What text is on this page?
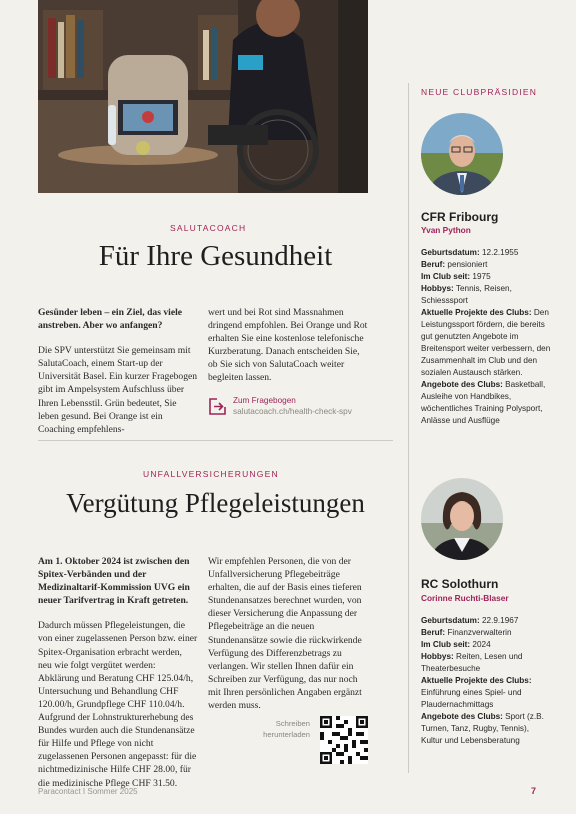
SALUTACOACH
Für Ihre Gesundheit

Gesünder leben – ein Ziel, das viele anstreben. Aber wo anfangen?

Die SPV unterstützt Sie gemeinsam mit SalutaCoach, einem Start-up der Universität Basel. Ein kurzer Fragebogen gibt im Ampelsystem Aufschluss über Ihren Lebensstil. Grün bedeutet, Sie leben gesund. Bei Orange ist ein Coaching empfehlens-

wert und bei Rot sind Massnahmen dringend empfohlen. Bei Orange und Rot erhalten Sie eine kostenlose telefonische Kurzberatung. Danach entscheiden Sie, ob Sie sich von SalutaCoach weiter begleiten lassen.

Zum Fragebogen
salutacoach.ch/health-check-spv
UNFALLVERSICHERUNGEN
Vergütung Pflegeleistungen

Am 1. Oktober 2024 ist zwischen den Spitex-Verbänden und der Medizinaltarif-Kommission UVG ein neuer Tarifvertrag in Kraft getreten.

Dadurch müssen Pflegeleistungen, die von einer zugelassenen Person bzw. einer Spitex-Organisation erbracht werden, neu wie folgt vergütet werden: Abklärung und Beratung CHF 125.04/h, Untersuchung und Behandlung CHF 120.00/h, Grundpflege CHF 110.04/h. Aufgrund der Lohnstrukturerhebung des Bundes wurden auch die Stundenansätze für Hilfe und Pflege von nicht zugelassenen Personen angepasst: für die nichtmedizinische Hilfe CHF 28.00, für die medizinische Pflege CHF 31.50.

Wir empfehlen Personen, die von der Unfallversicherung Pflegebeiträge erhalten, die auf der Basis eines tieferen Stundenansatzes berechnet wurden, von dieser Versicherung die Anpassung der Pflegebeiträge an die neuen Stundenansätze sowie die rückwirkende Verfügung des Differenzbetrags zu verlangen. Wir stellen Ihnen dafür ein Schreiben zur Verfügung, das nur noch mit Ihren persönlichen Angaben ergänzt werden muss.

Schreiben herunterladen
NEUE CLUBPRÄSIDIEN
CFR Fribourg
Yvan Python
Geburtsdatum: 12.2.1955
Beruf: pensioniert
Im Club seit: 1975
Hobbys: Tennis, Reisen, Schiesssport
Aktuelle Projekte des Clubs: Den Leistungssport fördern, die bereits gut genutzten Angebote im Breitensport weiter verbessern, den Zusammenhalt im Club und den sozialen Austausch stärken.
Angebote des Clubs: Basketball, Ausleihe von Handbikes, wöchentliches Training Polysport, Anlässe und Ausflüge
RC Solothurn
Corinne Ruchti-Blaser
Geburtsdatum: 22.9.1967
Beruf: Finanzverwalterin
Im Club seit: 2024
Hobbys: Reiten, Lesen und Theaterbesuche
Aktuelle Projekte des Clubs: Einführung eines Spiel- und Plaudernachmittags
Angebote des Clubs: Sport (z.B. Turnen, Tanz, Rugby, Tennis), Kultur und Lebensberatung
Paracontact I Sommer 2025	7
